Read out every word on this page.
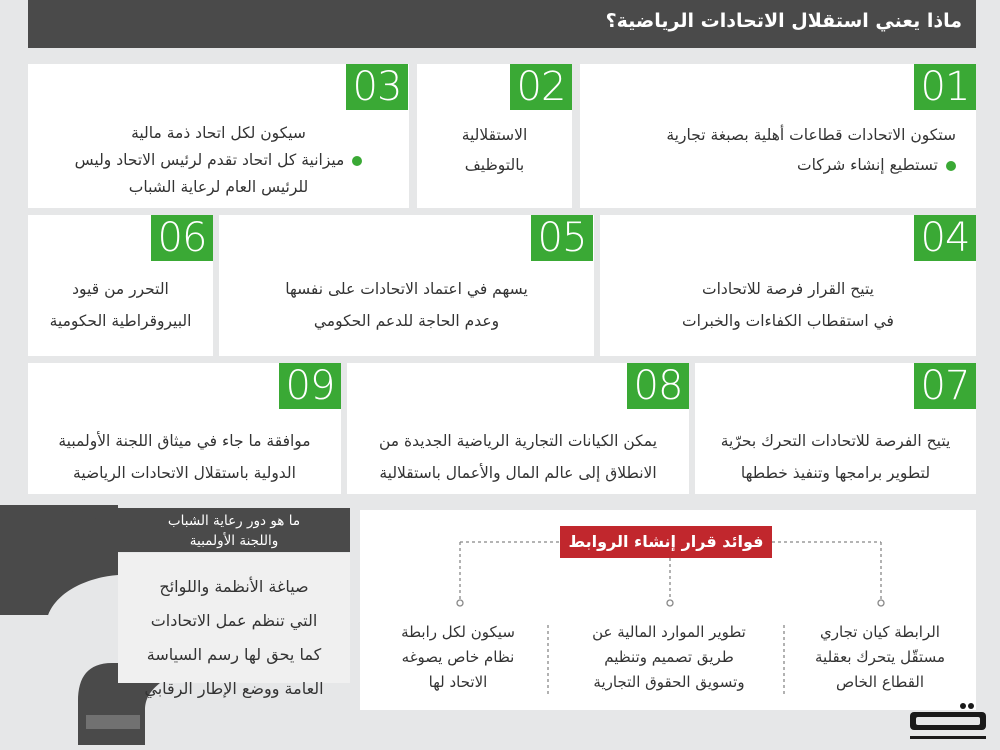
ماذا يعني استقلال الاتحادات الرياضية؟
01
ستكون الاتحادات قطاعات أهلية بصبغة تجارية
تستطيع إنشاء شركات
02
الاستقلالية
بالتوظيف
03
سيكون لكل اتحاد ذمة مالية
ميزانية كل اتحاد تقدم لرئيس الاتحاد وليس
للرئيس العام لرعاية الشباب
04
يتيح القرار فرصة للاتحادات
في استقطاب الكفاءات والخبرات
05
يسهم في اعتماد الاتحادات على نفسها
وعدم الحاجة للدعم الحكومي
06
التحرر من قيود
البيروقراطية الحكومية
07
يتيح الفرصة للاتحادات التحرك بحرّية
لتطوير برامجها وتنفيذ خططها
08
يمكن الكيانات التجارية الرياضية الجديدة من
الانطلاق إلى عالم المال والأعمال باستقلالية
09
موافقة ما جاء في ميثاق اللجنة الأولمبية
الدولية باستقلال الاتحادات الرياضية
فوائد قرار إنشاء الروابط
الرابطة كيان تجاري
مستقّل يتحرك بعقلية
القطاع الخاص
تطوير الموارد المالية عن
طريق تصميم وتنظيم
وتسويق الحقوق التجارية
سيكون لكل رابطة
نظام خاص يصوغه
الاتحاد لها
ما هو دور رعاية الشباب
واللجنة الأولمبية
صياغة الأنظمة واللوائح
التي تنظم عمل الاتحادات
كما يحق لها رسم السياسة
العامة ووضع الإطار الرقابي
